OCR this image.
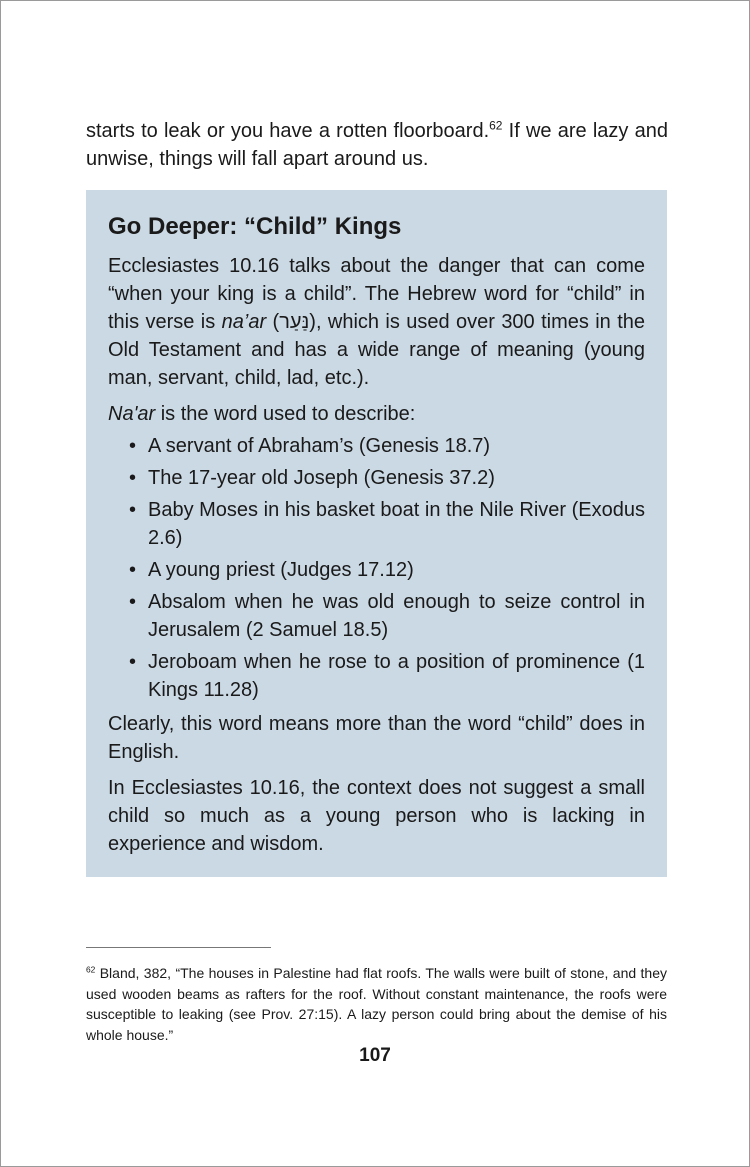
starts to leak or you have a rotten floorboard.$^{62}$ If we are lazy and unwise, things will fall apart around us.

Go Deeper: “Child” Kings

Ecclesiastes 10.16 talks about the danger that can come “when your king is a child”. The Hebrew word for “child” in this verse is na’ar (נַּעַר), which is used over 300 times in the Old Testament and has a wide range of meaning (young man, servant, child, lad, etc.).

Na'ar is the word used to describe:

• A servant of Abraham’s (Genesis 18.7)
• The 17-year old Joseph (Genesis 37.2)
• Baby Moses in his basket boat in the Nile River (Exodus 2.6)
• A young priest (Judges 17.12)
• Absalom when he was old enough to seize control in Jerusalem (2 Samuel 18.5)
• Jeroboam when he rose to a position of prominence (1 Kings 11.28)

Clearly, this word means more than the word “child” does in English.

In Ecclesiastes 10.16, the context does not suggest a small child so much as a young person who is lacking in experience and wisdom.

$^{62}$ Bland, 382, “The houses in Palestine had flat roofs. The walls were built of stone, and they used wooden beams as rafters for the roof. Without constant maintenance, the roofs were susceptible to leaking (see Prov. 27:15). A lazy person could bring about the demise of his whole house.”

107
